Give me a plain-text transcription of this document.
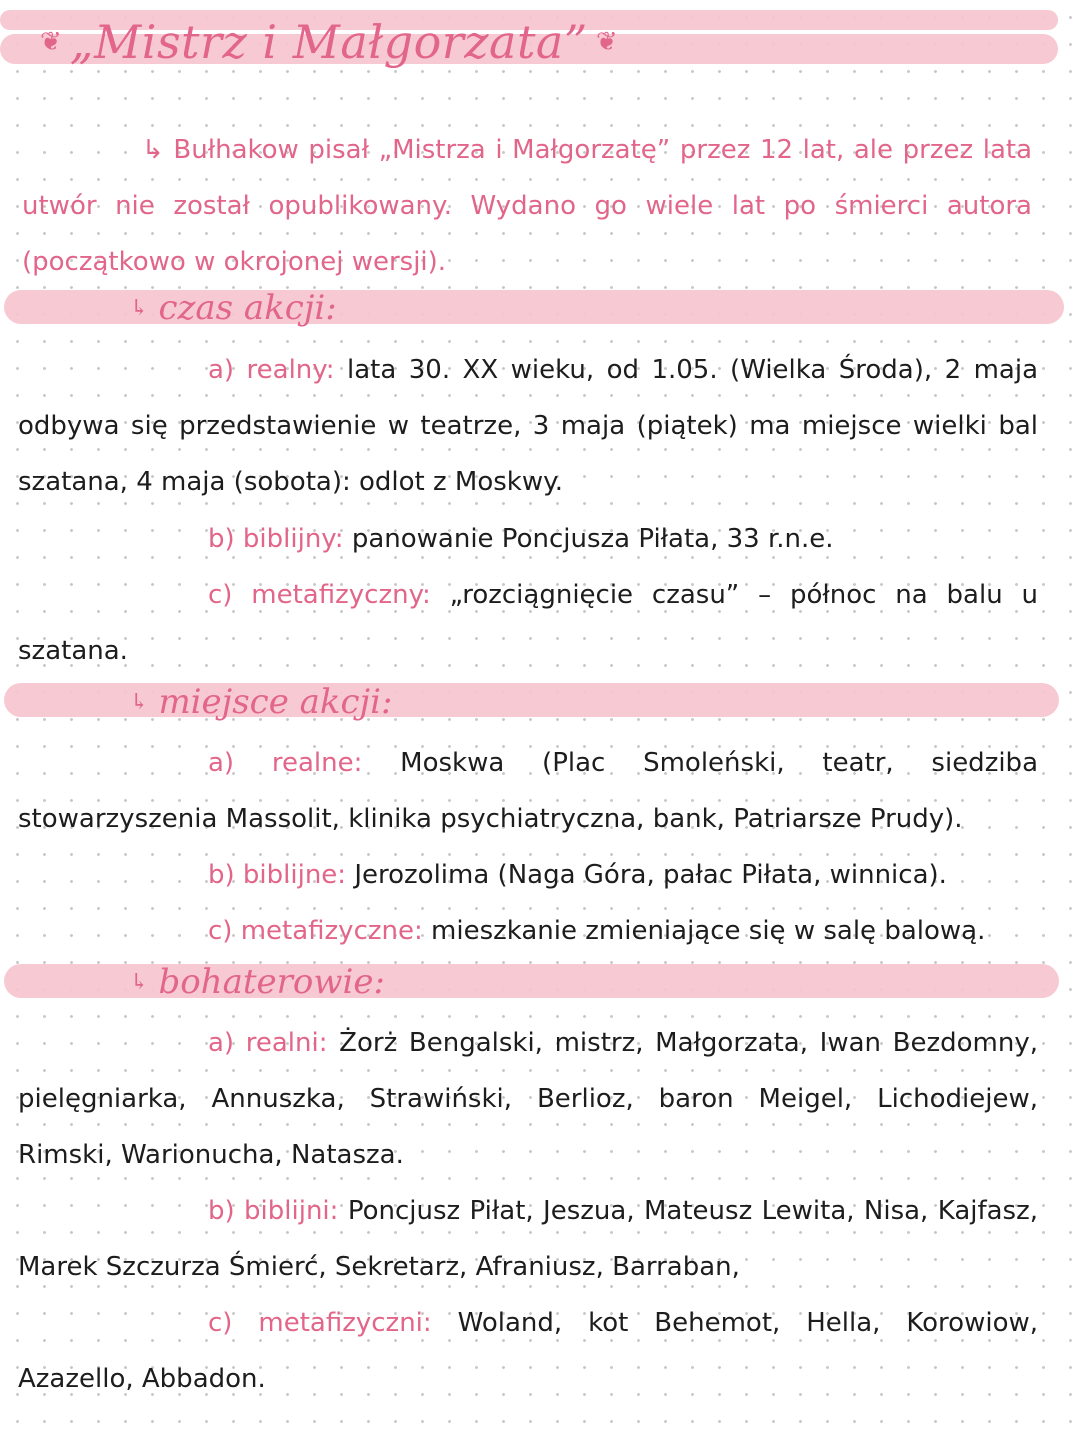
❦ „Mistrz i Małgorzata” ❦

↳ Bułhakow pisał „Mistrza i Małgorzatę” przez 12 lat, ale przez lata utwór nie został opublikowany. Wydano go wiele lat po śmierci autora (początkowo w okrojonej wersji).

↳ czas akcji:

a) realny: lata 30. XX wieku, od 1.05. (Wielka Środa), 2 maja odbywa się przedstawienie w teatrze, 3 maja (piątek) ma miejsce wielki bal szatana, 4 maja (sobota): odlot z Moskwy.

b) biblijny: panowanie Poncjusza Piłata, 33 r.n.e.

c) metafizyczny: „rozciągnięcie czasu” – północ na balu u szatana.

↳ miejsce akcji:

a) realne: Moskwa (Plac Smoleński, teatr, siedziba stowarzyszenia Massolit, klinika psychiatryczna, bank, Patriarsze Prudy).

b) biblijne: Jerozolima (Naga Góra, pałac Piłata, winnica).

c) metafizyczne: mieszkanie zmieniające się w salę balową.

↳ bohaterowie:

a) realni: Żorż Bengalski, mistrz, Małgorzata, Iwan Bezdomny, pielęgniarka, Annuszka, Strawiński, Berlioz, baron Meigel, Lichodiejew, Rimski, Warionucha, Natasza.

b) biblijni: Poncjusz Piłat, Jeszua, Mateusz Lewita, Nisa, Kajfasz, Marek Szczurza Śmierć, Sekretarz, Afraniusz, Barraban,

c) metafizyczni: Woland, kot Behemot, Hella, Korowiow, Azazello, Abbadon.
